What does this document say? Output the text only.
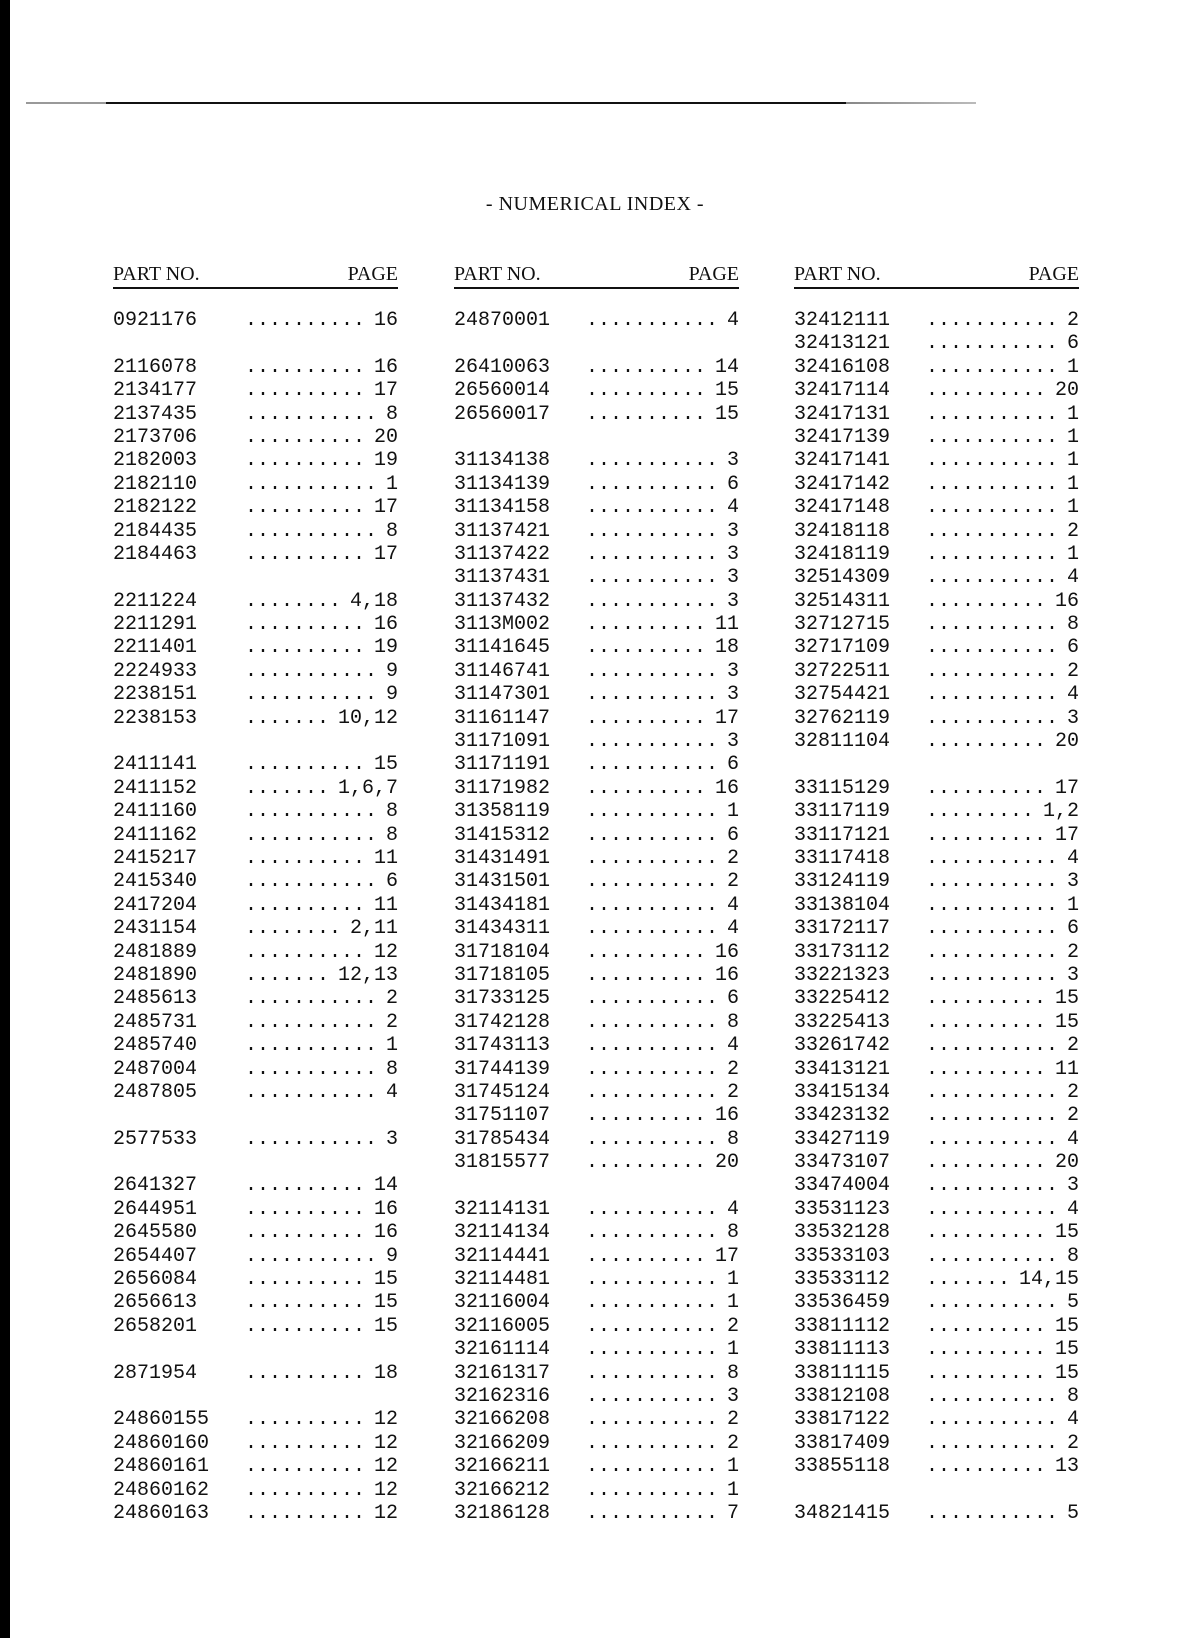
- NUMERICAL INDEX -
PART NO.	PAGE
0921176	.......... 16
2116078	.......... 16
2134177	.......... 17
2137435	........... 8
2173706	.......... 20
2182003	.......... 19
2182110	........... 1
2182122	.......... 17
2184435	........... 8
2184463	.......... 17
2211224	........ 4,18
2211291	.......... 16
2211401	.......... 19
2224933	........... 9
2238151	........... 9
2238153	....... 10,12
2411141	.......... 15
2411152	....... 1,6,7
2411160	........... 8
2411162	........... 8
2415217	.......... 11
2415340	........... 6
2417204	.......... 11
2431154	........ 2,11
2481889	.......... 12
2481890	....... 12,13
2485613	........... 2
2485731	........... 2
2485740	........... 1
2487004	........... 8
2487805	........... 4
2577533	........... 3
2641327	.......... 14
2644951	.......... 16
2645580	.......... 16
2654407	........... 9
2656084	.......... 15
2656613	.......... 15
2658201	.......... 15
2871954	.......... 18
24860155	.......... 12
24860160	.......... 12
24860161	.......... 12
24860162	.......... 12
24860163	.......... 12
PART NO.	PAGE
24870001	........... 4
26410063	.......... 14
26560014	.......... 15
26560017	.......... 15
31134138	........... 3
31134139	........... 6
31134158	........... 4
31137421	........... 3
31137422	........... 3
31137431	........... 3
31137432	........... 3
3113M002	.......... 11
31141645	.......... 18
31146741	........... 3
31147301	........... 3
31161147	.......... 17
31171091	........... 3
31171191	........... 6
31171982	.......... 16
31358119	........... 1
31415312	........... 6
31431491	........... 2
31431501	........... 2
31434181	........... 4
31434311	........... 4
31718104	.......... 16
31718105	.......... 16
31733125	........... 6
31742128	........... 8
31743113	........... 4
31744139	........... 2
31745124	........... 2
31751107	.......... 16
31785434	........... 8
31815577	.......... 20
32114131	........... 4
32114134	........... 8
32114441	.......... 17
32114481	........... 1
32116004	........... 1
32116005	........... 2
32161114	........... 1
32161317	........... 8
32162316	........... 3
32166208	........... 2
32166209	........... 2
32166211	........... 1
32166212	........... 1
32186128	........... 7
PART NO.	PAGE
32412111	........... 2
32413121	........... 6
32416108	........... 1
32417114	.......... 20
32417131	........... 1
32417139	........... 1
32417141	........... 1
32417142	........... 1
32417148	........... 1
32418118	........... 2
32418119	........... 1
32514309	........... 4
32514311	.......... 16
32712715	........... 8
32717109	........... 6
32722511	........... 2
32754421	........... 4
32762119	........... 3
32811104	.......... 20
33115129	.......... 17
33117119	......... 1,2
33117121	.......... 17
33117418	........... 4
33124119	........... 3
33138104	........... 1
33172117	........... 6
33173112	........... 2
33221323	........... 3
33225412	.......... 15
33225413	.......... 15
33261742	........... 2
33413121	.......... 11
33415134	........... 2
33423132	........... 2
33427119	........... 4
33473107	.......... 20
33474004	........... 3
33531123	........... 4
33532128	.......... 15
33533103	........... 8
33533112	....... 14,15
33536459	........... 5
33811112	.......... 15
33811113	.......... 15
33811115	.......... 15
33812108	........... 8
33817122	........... 4
33817409	........... 2
33855118	.......... 13
34821415	........... 5
